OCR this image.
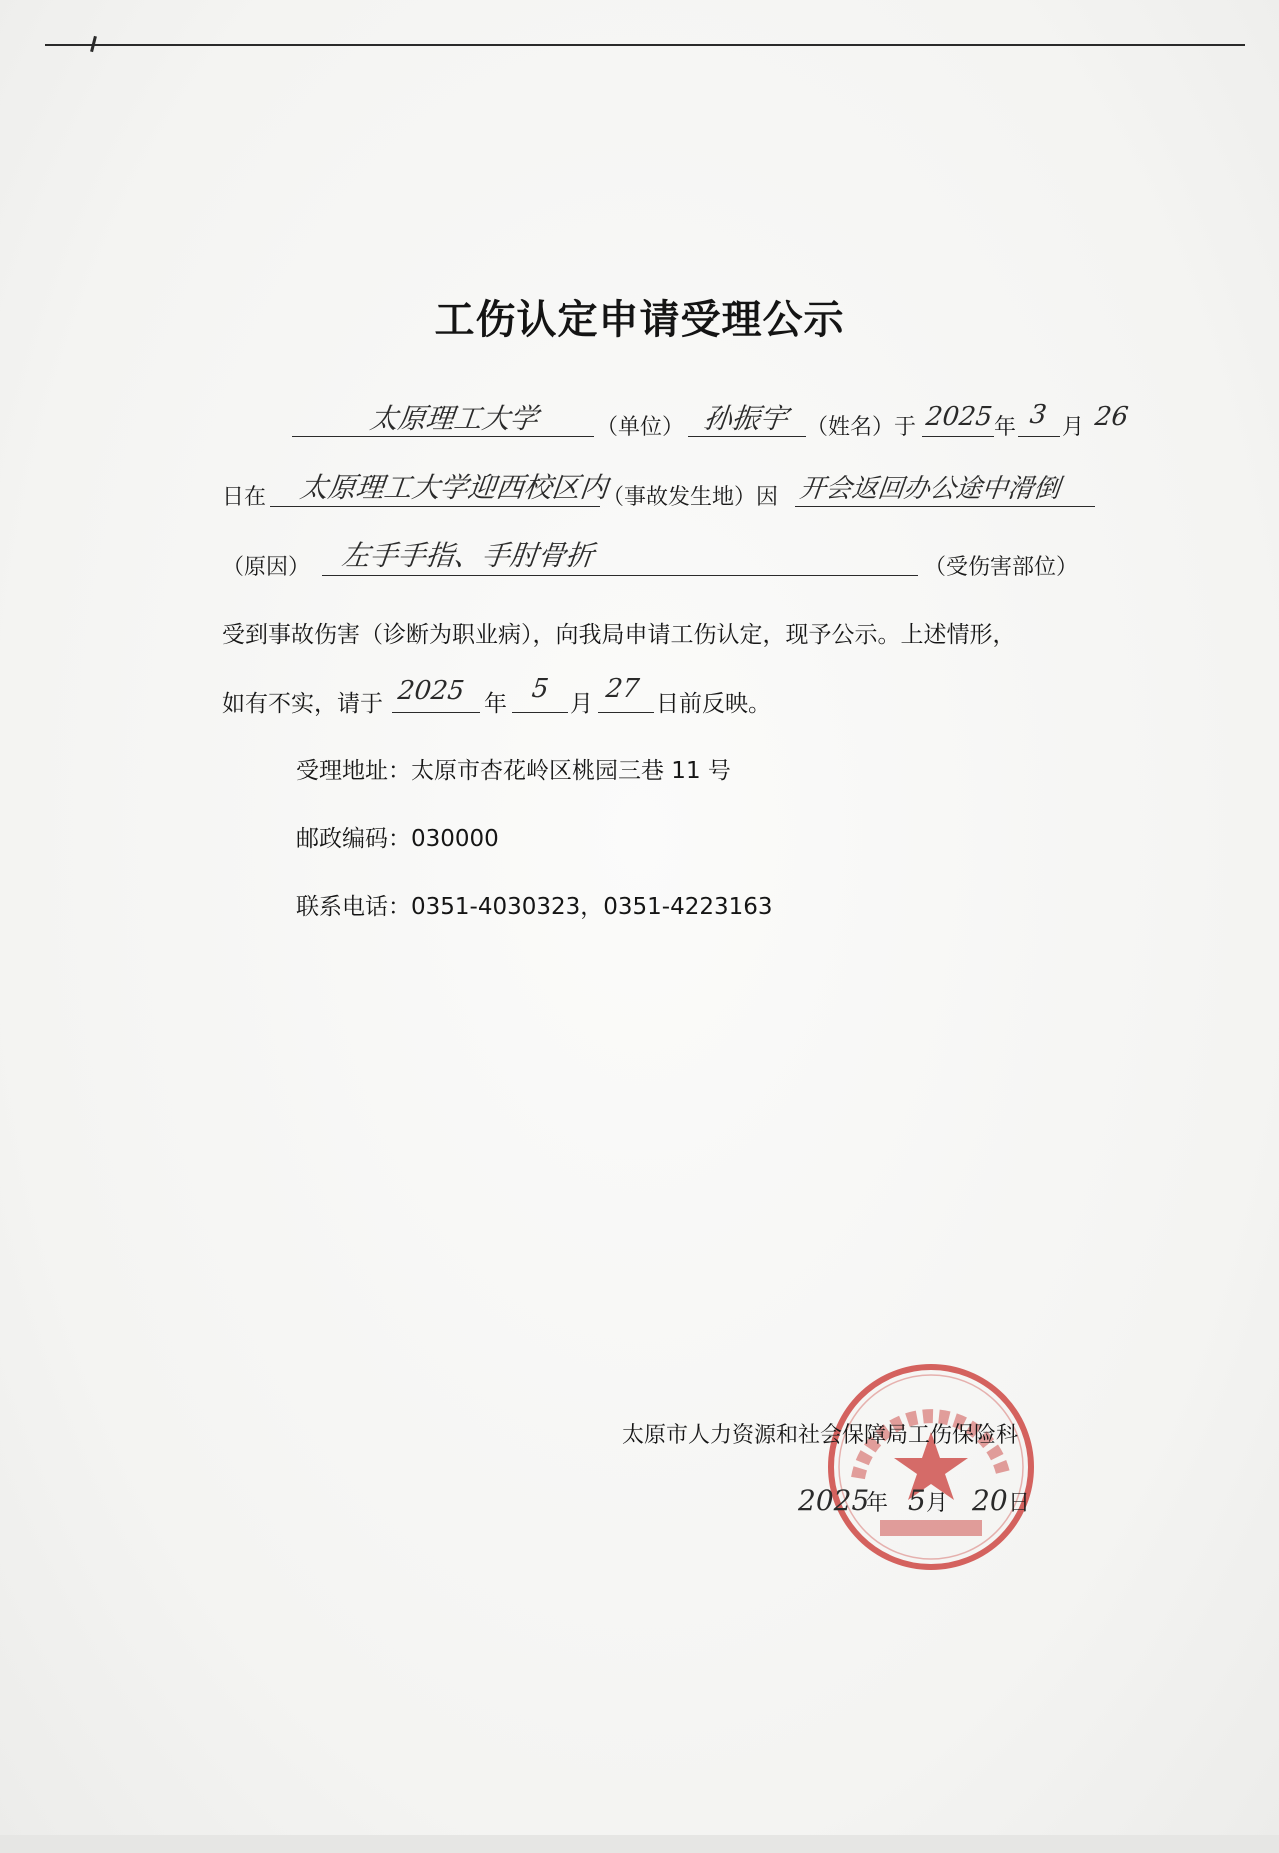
工伤认定申请受理公示
太原理工大学	（单位） 孙振宇 （姓名）于 2025 年 3 月 26
日在 太原理工大学迎西校区内
（事故发生地）因 开会返回办公途中滑倒
（原因） 左手手指、手肘骨折	（受伤害部位）
受到事故伤害（诊断为职业病），向我局申请工伤认定，现予公示。上述情形，
如有不实，请于 2025 年 5 月 27 日前反映。
受理地址：太原市杏花岭区桃园三巷 11 号
邮政编码：030000
联系电话：0351-4030323，0351-4223163
太原市人力资源和社会保障局工伤保险科
2025
年 5 月 20 日
